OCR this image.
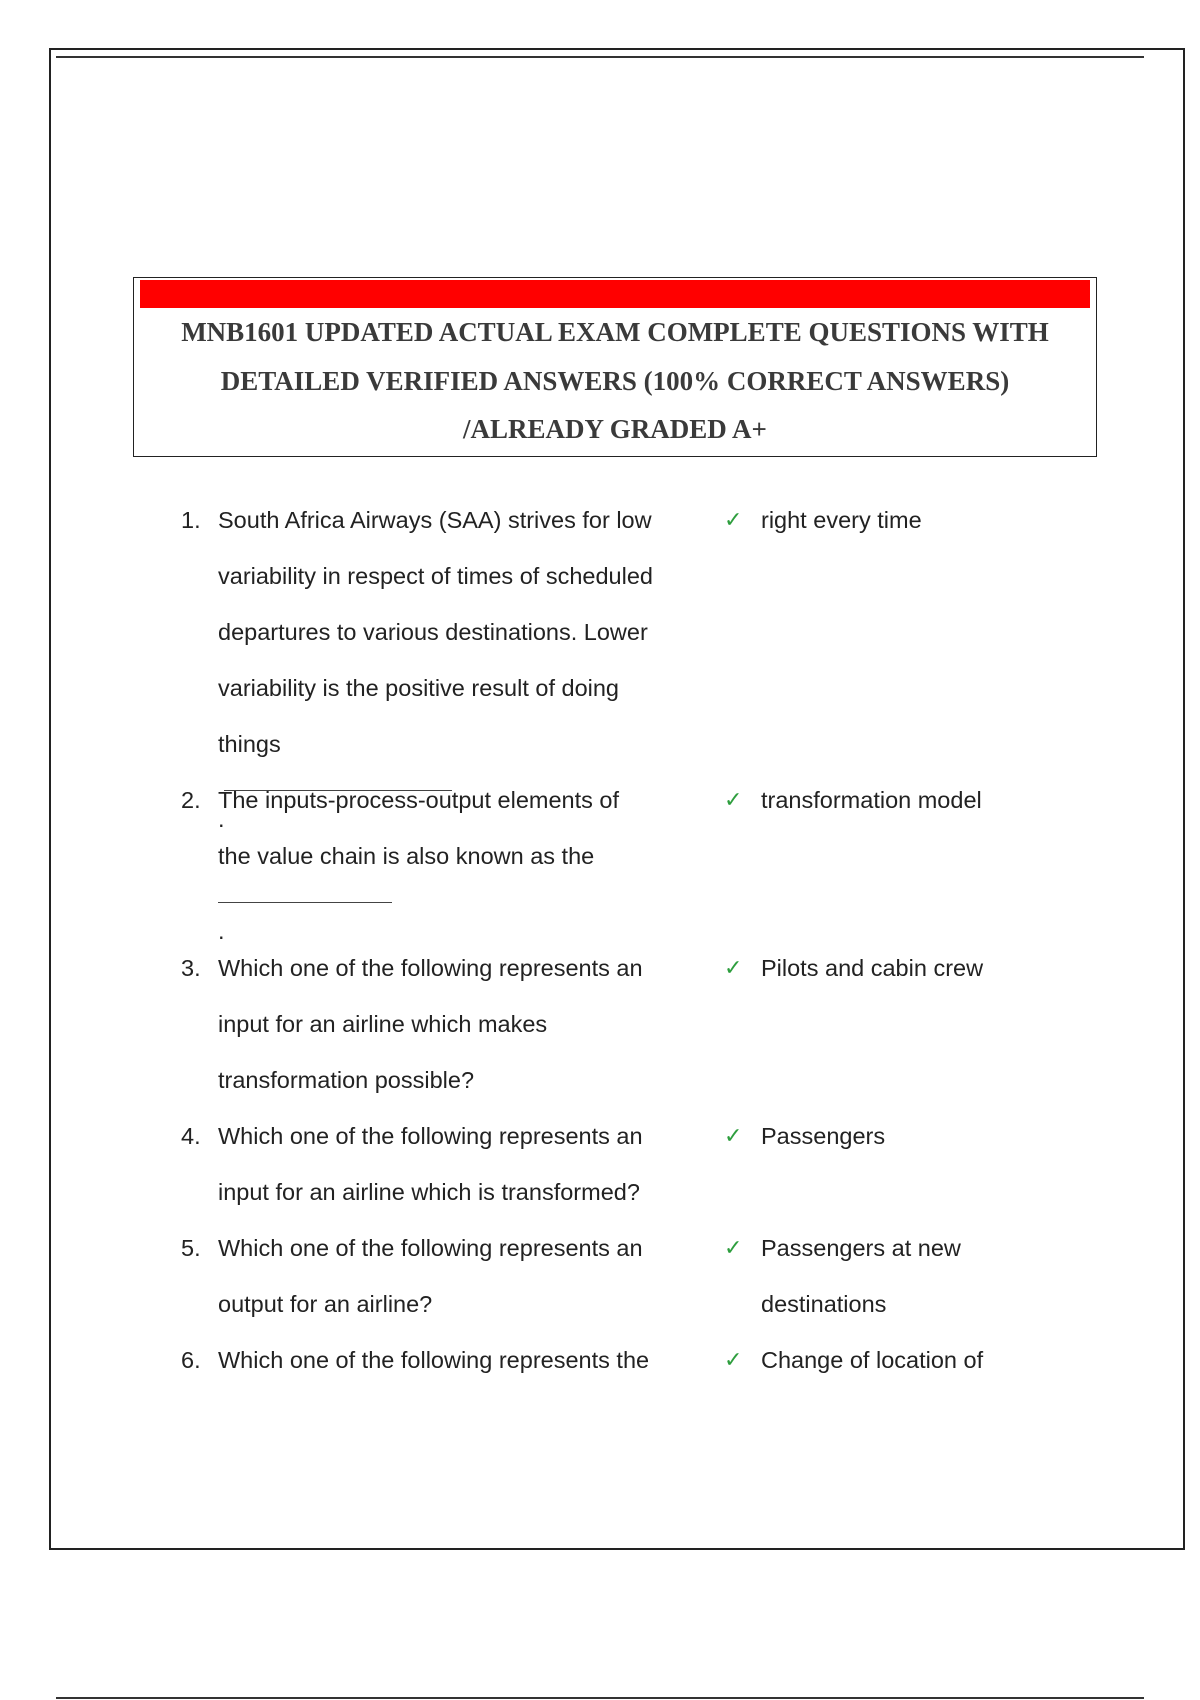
MNB1601 UPDATED ACTUAL EXAM COMPLETE QUESTIONS WITH
DETAILED VERIFIED ANSWERS (100% CORRECT ANSWERS)
/ALREADY GRADED A+
1. South Africa Airways (SAA) strives for low
variability in respect of times of scheduled
departures to various destinations. Lower
variability is the positive result of doing
things
.
✓ right every time
2. The inputs-process-output elements of
the value chain is also known as the
.
✓ transformation model
3. Which one of the following represents an
input for an airline which makes
transformation possible?
✓ Pilots and cabin crew
4. Which one of the following represents an
input for an airline which is transformed?
✓ Passengers
5. Which one of the following represents an
output for an airline?
✓ Passengers at new
destinations
6. Which one of the following represents the	✓ Change of location of
